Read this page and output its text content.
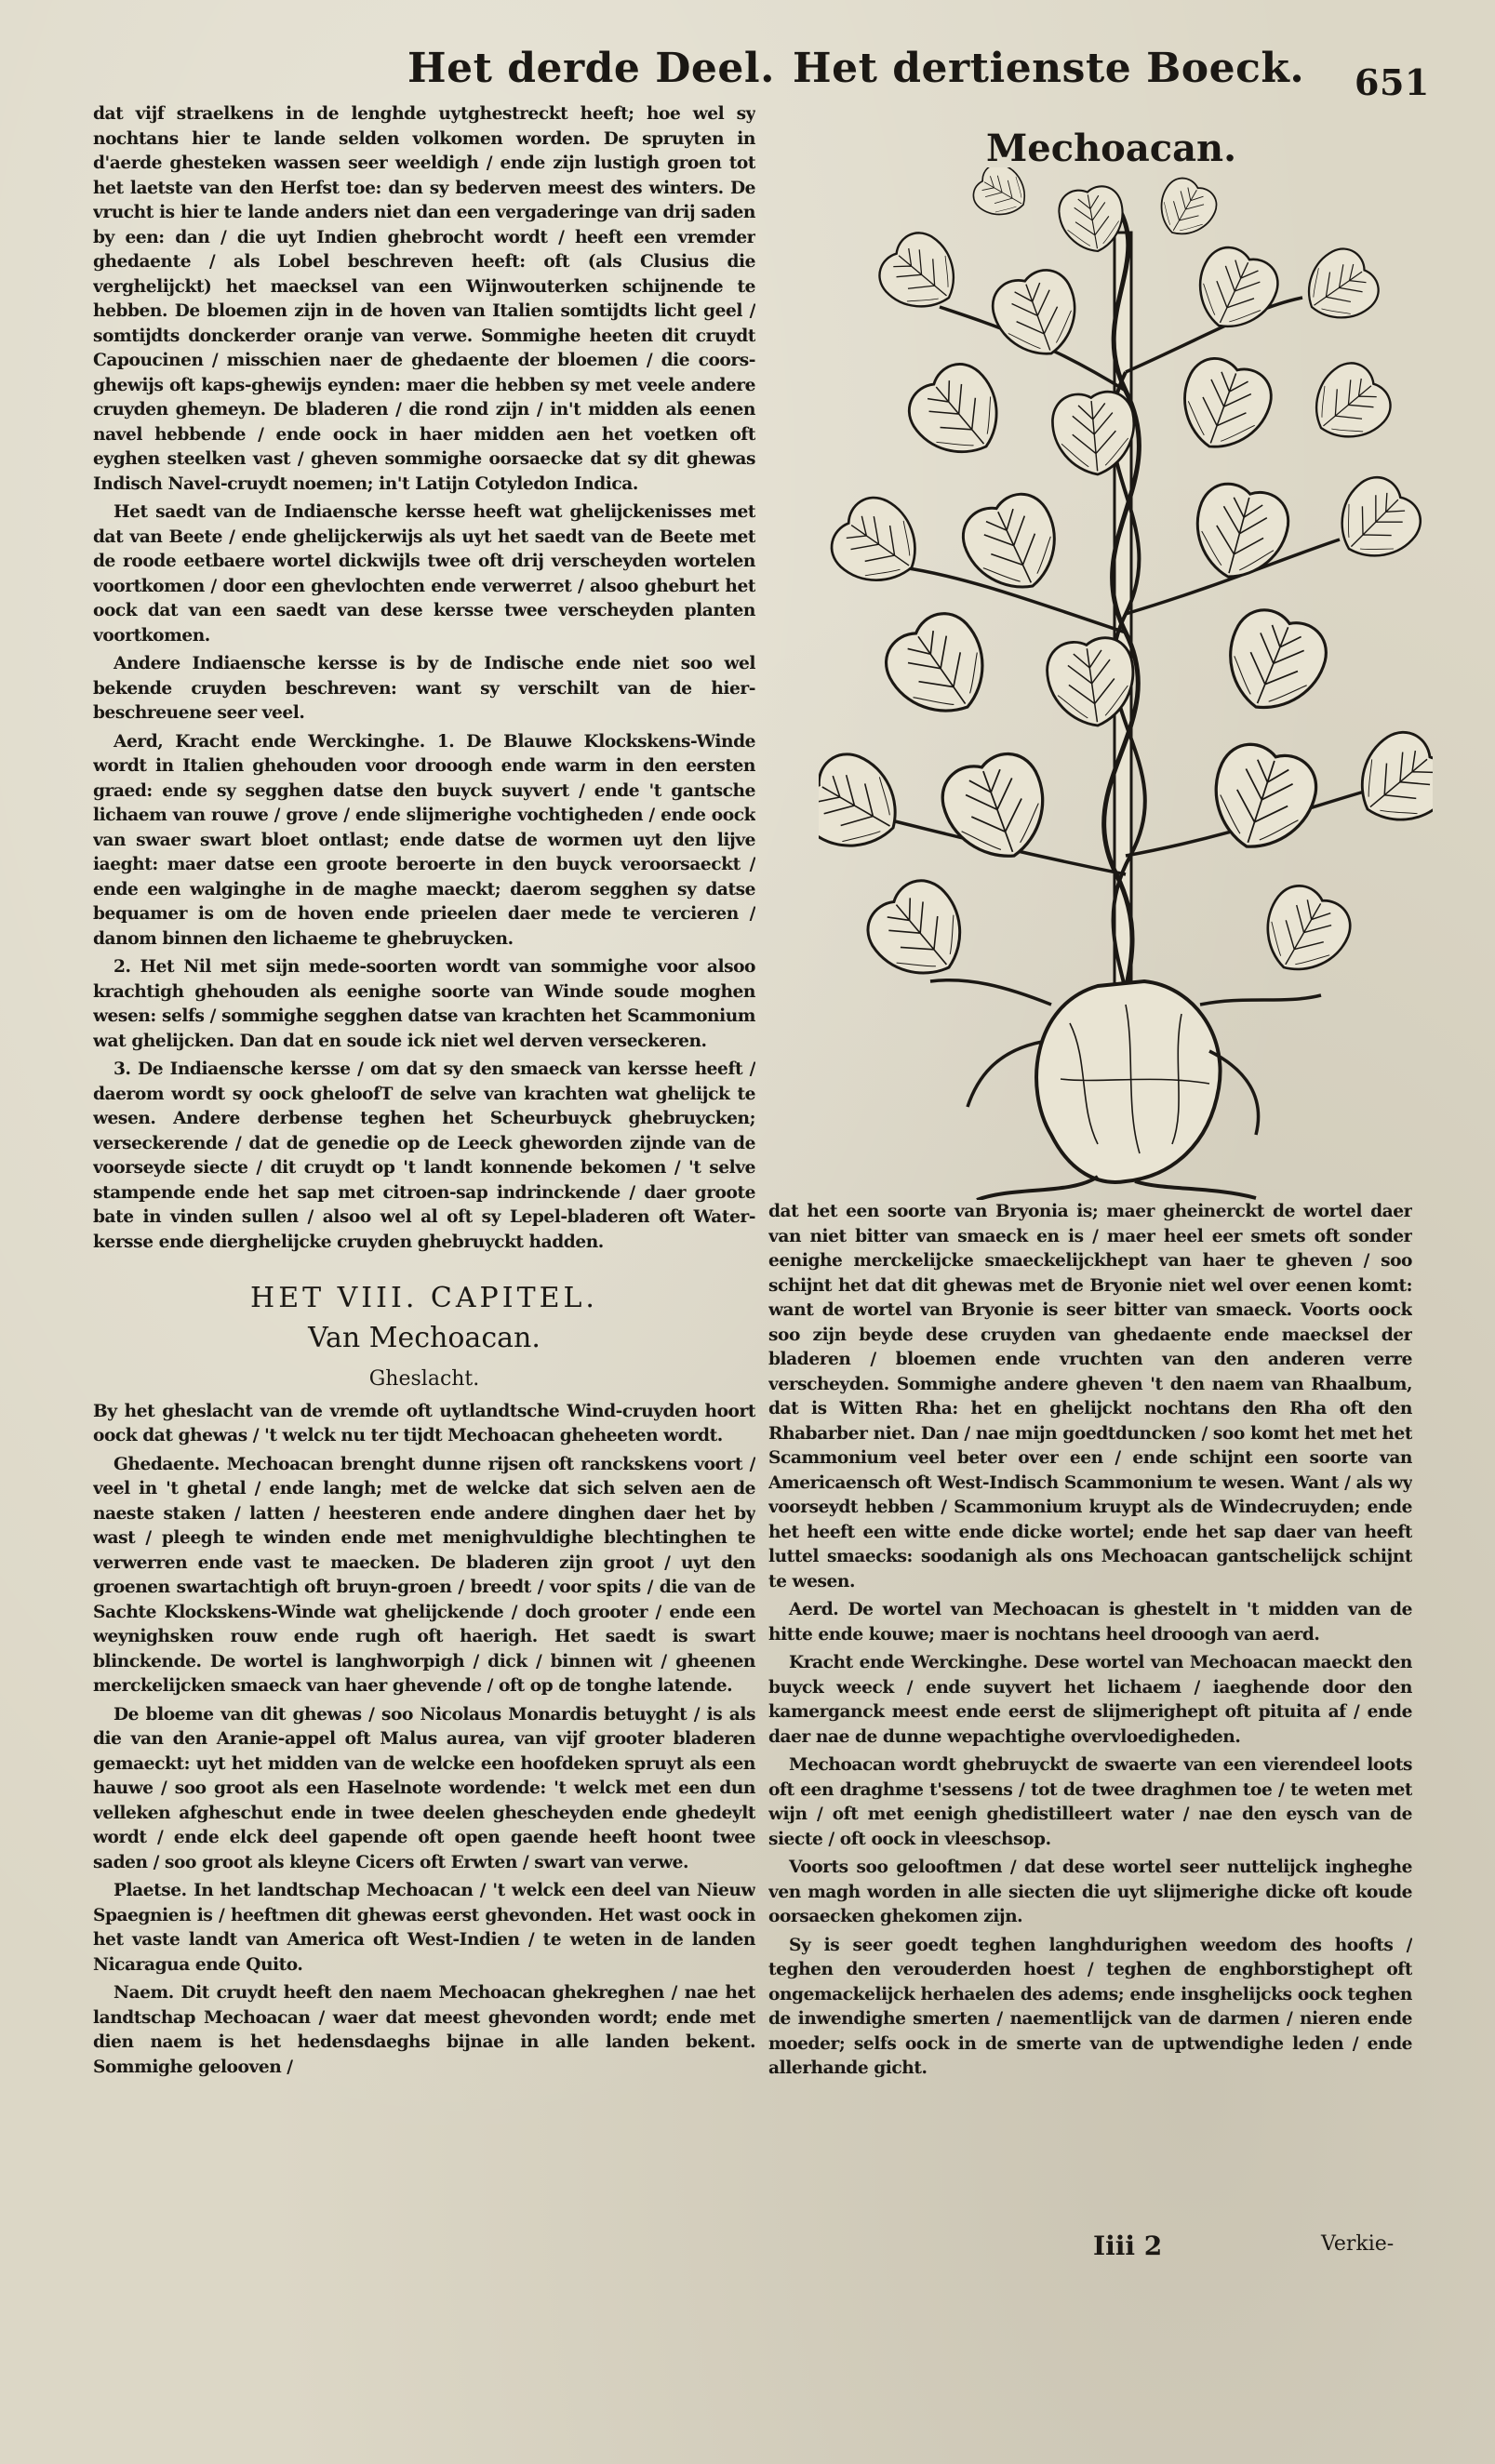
Het derde Deel. Het dertienste Boeck. 651

dat vijf straelkens in de lenghde uytghestreckt heeft; hoe wel sy nochtans hier te lande selden volkomen worden. De spruyten in d'aerde ghesteken wassen seer weeldigh / ende zijn lustigh groen tot het laetste van den Herfst toe: dan sy bederven meest des winters. De vrucht is hier te lande anders niet dan een vergaderinge van drij saden by een: dan / die uyt Indien ghebrocht wordt / heeft een vremder ghedaente / als Lobel beschreven heeft: oft (als Clusius die verghelijckt) het maecksel van een Wijnwouterken schijnende te hebben. De bloemen zijn in de hoven van Italien somtijdts licht geel / somtijdts donckerder oranje van verwe. Sommighe heeten dit cruydt Capoucinen / misschien naer de ghedaente der bloemen / die coors-ghewijs oft kaps-ghewijs eynden: maer die hebben sy met veele andere cruyden ghemeyn. De bladeren / die rond zijn / in't midden als eenen navel hebbende / ende oock in haer midden aen het voetken oft eyghen steelken vast / gheven sommighe oorsaecke dat sy dit ghewas Indisch Navel-cruydt noemen; in't Latijn Cotyledon Indica.

Het saedt van de Indiaensche kersse heeft wat ghelijckenisses met dat van Beete / ende ghelijckerwijs als uyt het saedt van de Beete met de roode eetbaere wortel dickwijls twee oft drij verscheyden wortelen voortkomen / door een ghevlochten ende verwerret / alsoo gheburt het oock dat van een saedt van dese kersse twee verscheyden planten voortkomen.

Andere Indiaensche kersse is by de Indische ende niet soo wel bekende cruyden beschreven: want sy verschilt van de hier-beschreuene seer veel.

Aerd, Kracht ende Werckinghe. 1. De Blauwe Klockskens-Winde wordt in Italien ghehouden voor drooogh ende warm in den eersten graed: ende sy segghen datse den buyck suyvert / ende 't gantsche lichaem van rouwe / grove / ende slijmerighe vochtigheden / ende oock van swaer swart bloet ontlast; ende datse de wormen uyt den lijve iaeght: maer datse een groote beroerte in den buyck veroorsaeckt / ende een walginghe in de maghe maeckt; daerom segghen sy datse bequamer is om de hoven ende prieelen daer mede te vercieren / danom binnen den lichaeme te ghebruycken.

2. Het Nil met sijn mede-soorten wordt van sommighe voor alsoo krachtigh ghehouden als eenighe soorte van Winde soude moghen wesen: selfs / sommighe segghen datse van krachten het Scammonium wat ghelijcken. Dan dat en soude ick niet wel derven verseckeren.

3. De Indiaensche kersse / om dat sy den smaeck van kersse heeft / daerom wordt sy oock gheloofT de selve van krachten wat ghelijck te wesen. Andere derbense teghen het Scheurbuyck ghebruycken; verseckerende / dat de genedie op de Leeck gheworden zijnde van de voorseyde siecte / dit cruydt op 't landt konnende bekomen / 't selve stampende ende het sap met citroen-sap indrinckende / daer groote bate in vinden sullen / alsoo wel al oft sy Lepel-bladeren oft Water-kersse ende dierghelijcke cruyden ghebruyckt hadden.

HET VIII. CAPITEL.
Van Mechoacan.
Gheslacht.

By het gheslacht van de vremde oft uytlandtsche Wind-cruyden hoort oock dat ghewas / 't welck nu ter tijdt Mechoacan gheheeten wordt.

Ghedaente. Mechoacan brenght dunne rijsen oft ranckskens voort / veel in 't ghetal / ende langh; met de welcke dat sich selven aen de naeste staken / latten / heesteren ende andere dinghen daer het by wast / pleegh te winden ende met menighvuldighe blechtinghen te verwerren ende vast te maecken. De bladeren zijn groot / uyt den groenen swartachtigh oft bruyn-groen / breedt / voor spits / die van de Sachte Klockskens-Winde wat ghelijckende / doch grooter / ende een weynighsken rouw ende rugh oft haerigh. Het saedt is swart blinckende. De wortel is langhworpigh / dick / binnen wit / gheenen merckelijcken smaeck van haer ghevende / oft op de tonghe latende.

De bloeme van dit ghewas / soo Nicolaus Monardis betuyght / is als die van den Aranie-appel oft Malus aurea, van vijf grooter bladeren gemaeckt: uyt het midden van de welcke een hoofdeken spruyt als een hauwe / soo groot als een Haselnote wordende: 't welck met een dun velleken afgheschut ende in twee deelen ghescheyden ende ghedeylt wordt / ende elck deel gapende oft open gaende heeft hoont twee saden / soo groot als kleyne Cicers oft Erwten / swart van verwe.

Plaetse. In het landtschap Mechoacan / 't welck een deel van Nieuw Spaegnien is / heeftmen dit ghewas eerst ghevonden. Het wast oock in het vaste landt van America oft West-Indien / te weten in de landen Nicaragua ende Quito.

Naem. Dit cruydt heeft den naem Mechoacan ghekreghen / nae het landtschap Mechoacan / waer dat meest ghevonden wordt; ende met dien naem is het hedensdaeghs bijnae in alle landen bekent. Sommighe gelooven /

Mechoacan.

dat het een soorte van Bryonia is; maer gheinerckt de wortel daer van niet bitter van smaeck en is / maer heel eer smets oft sonder eenighe merckelijcke smaeckelijckhept van haer te gheven / soo schijnt het dat dit ghewas met de Bryonie niet wel over eenen komt: want de wortel van Bryonie is seer bitter van smaeck. Voorts oock soo zijn beyde dese cruyden van ghedaente ende maecksel der bladeren / bloemen ende vruchten van den anderen verre verscheyden. Sommighe andere gheven 't den naem van Rhaalbum, dat is Witten Rha: het en ghelijckt nochtans den Rha oft den Rhabarber niet. Dan / nae mijn goedtduncken / soo komt het met het Scammonium veel beter over een / ende schijnt een soorte van Americaensch oft West-Indisch Scammonium te wesen. Want / als wy voorseydt hebben / Scammonium kruypt als de Windecruyden; ende het heeft een witte ende dicke wortel; ende het sap daer van heeft luttel smaecks: soodanigh als ons Mechoacan gantschelijck schijnt te wesen.

Aerd. De wortel van Mechoacan is ghestelt in 't midden van de hitte ende kouwe; maer is nochtans heel drooogh van aerd.

Kracht ende Werckinghe. Dese wortel van Mechoacan maeckt den buyck weeck / ende suyvert het lichaem / iaeghende door den kamerganck meest ende eerst de slijmerighept oft pituita af / ende daer nae de dunne wepachtighe overvloedigheden.

Mechoacan wordt ghebruyckt de swaerte van een vierendeel loots oft een draghme t'sessens / tot de twee draghmen toe / te weten met wijn / oft met eenigh ghedistilleert water / nae den eysch van de siecte / oft oock in vleeschsop.

Voorts soo gelooftmen / dat dese wortel seer nuttelijck ingheghe ven magh worden in alle siecten die uyt slijmerighe dicke oft koude oorsaecken ghekomen zijn.

Sy is seer goedt teghen langhdurighen weedom des hoofts / teghen den verouderden hoest / teghen de enghborstighept oft ongemackelijck herhaelen des adems; ende insghelijcks oock teghen de inwendighe smerten / naementlijck van de darmen / nieren ende moeder; selfs oock in de smerte van de uptwendighe leden / ende allerhande gicht.

Iiii 2	Verkie-
